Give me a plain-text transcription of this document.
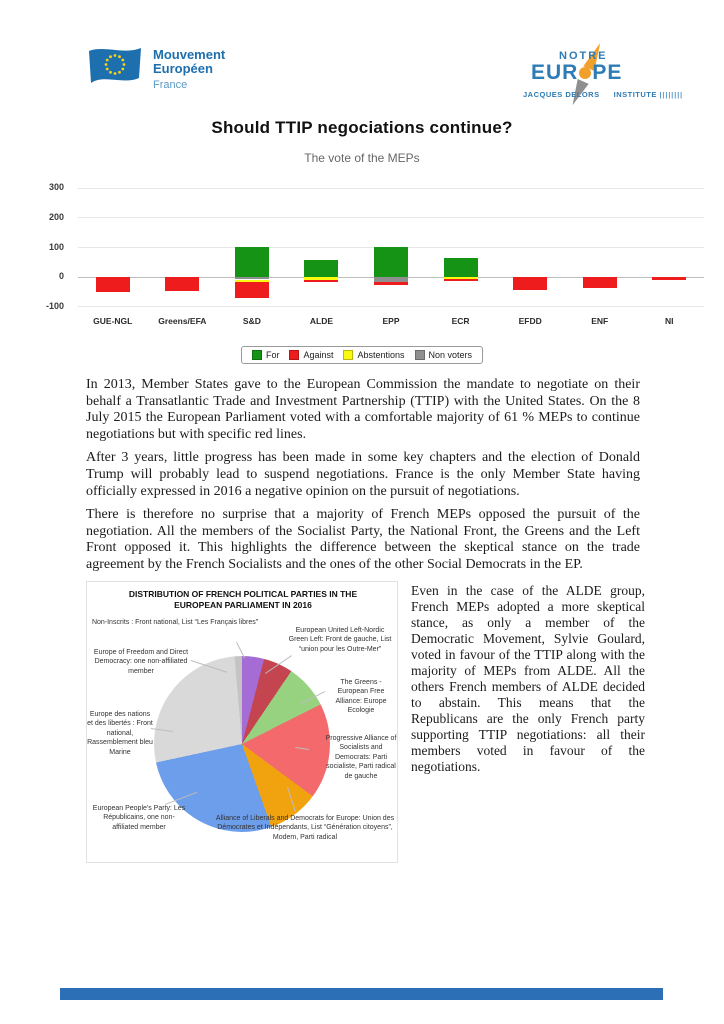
Mouvement
Européen
France
NOTRE
EUR PE
JACQUES DELORS INSTITUTE ||||||||
Should TTIP negociations continue?
The vote of the MEPs
300
200
100
0
-100
GUE-NGL	Greens/EFA	S&D	ALDE	EPP	ECR	EFDD	ENF	NI
For	Against	Abstentions	Non voters

In 2013, Member States gave to the European Commission the mandate to negotiate on their behalf a Transatlantic Trade and Investment Partnership (TTIP) with the United States. On the 8 July 2015 the European Parliament voted with a comfortable majority of 61 % MEPs to continue negotiations but with specific red lines.

After 3 years, little progress has been made in some key chapters and the election of Donald Trump will probably lead to suspend negotiations. France is the only Member State having officially expressed in 2016 a negative opinion on the pursuit of negotiations.

There is therefore no surprise that a majority of French MEPs opposed the pursuit of the negotiation. All the members of the Socialist Party, the National Front, the Greens and the Left Front opposed it. This highlights the difference between the skeptical stance on the trade agreement by the French Socialists and the ones of the other Social Democrats in the EP.

DISTRIBUTION OF FRENCH POLITICAL PARTIES IN THE EUROPEAN PARLIAMENT IN 2016
Non-Inscrits : Front national, List “Les Français libres”
European United Left-Nordic Green Left: Front de gauche, List “union pour les Outre-Mer”
Europe of Freedom and Direct Democracy: one non-affiliated member
The Greens - European Free Alliance: Europe Ecologie
Europe des nations et des libertés : Front national, Rassemblement bleu Marine
Progressive Alliance of Socialists and Democrats: Parti socialiste, Parti radical de gauche
European People's Party: Les Républicains, one non-affiliated member
Alliance of Liberals and Democrats for Europe: Union des Démocrates et Indépendants, List “Génération citoyens”, Modem, Parti radical
Even in the case of the ALDE group, French MEPs adopted a more skeptical stance, as only a member of the Democratic Movement, Sylvie Goulard, voted in favour of the TTIP along with the majority of MEPs from ALDE. All the others French members of ALDE decided to abstain. This means that the Republicans are the only French party supporting TTIP negotiations: all their members voted in favour of the negotiations.
